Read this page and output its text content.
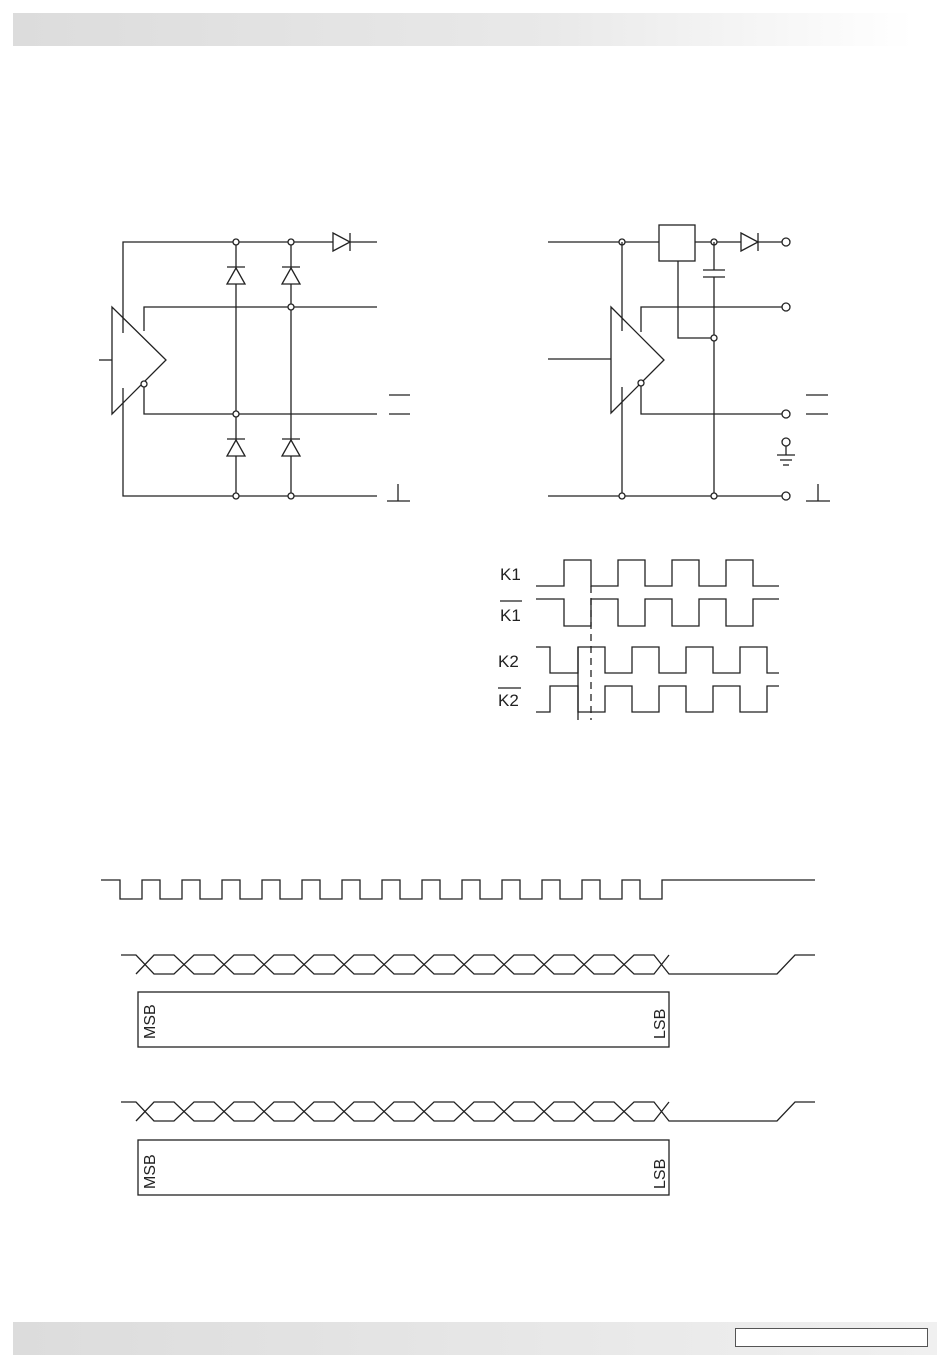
K1
K1
K2
K2
MSB	LSB
MSB	LSB
